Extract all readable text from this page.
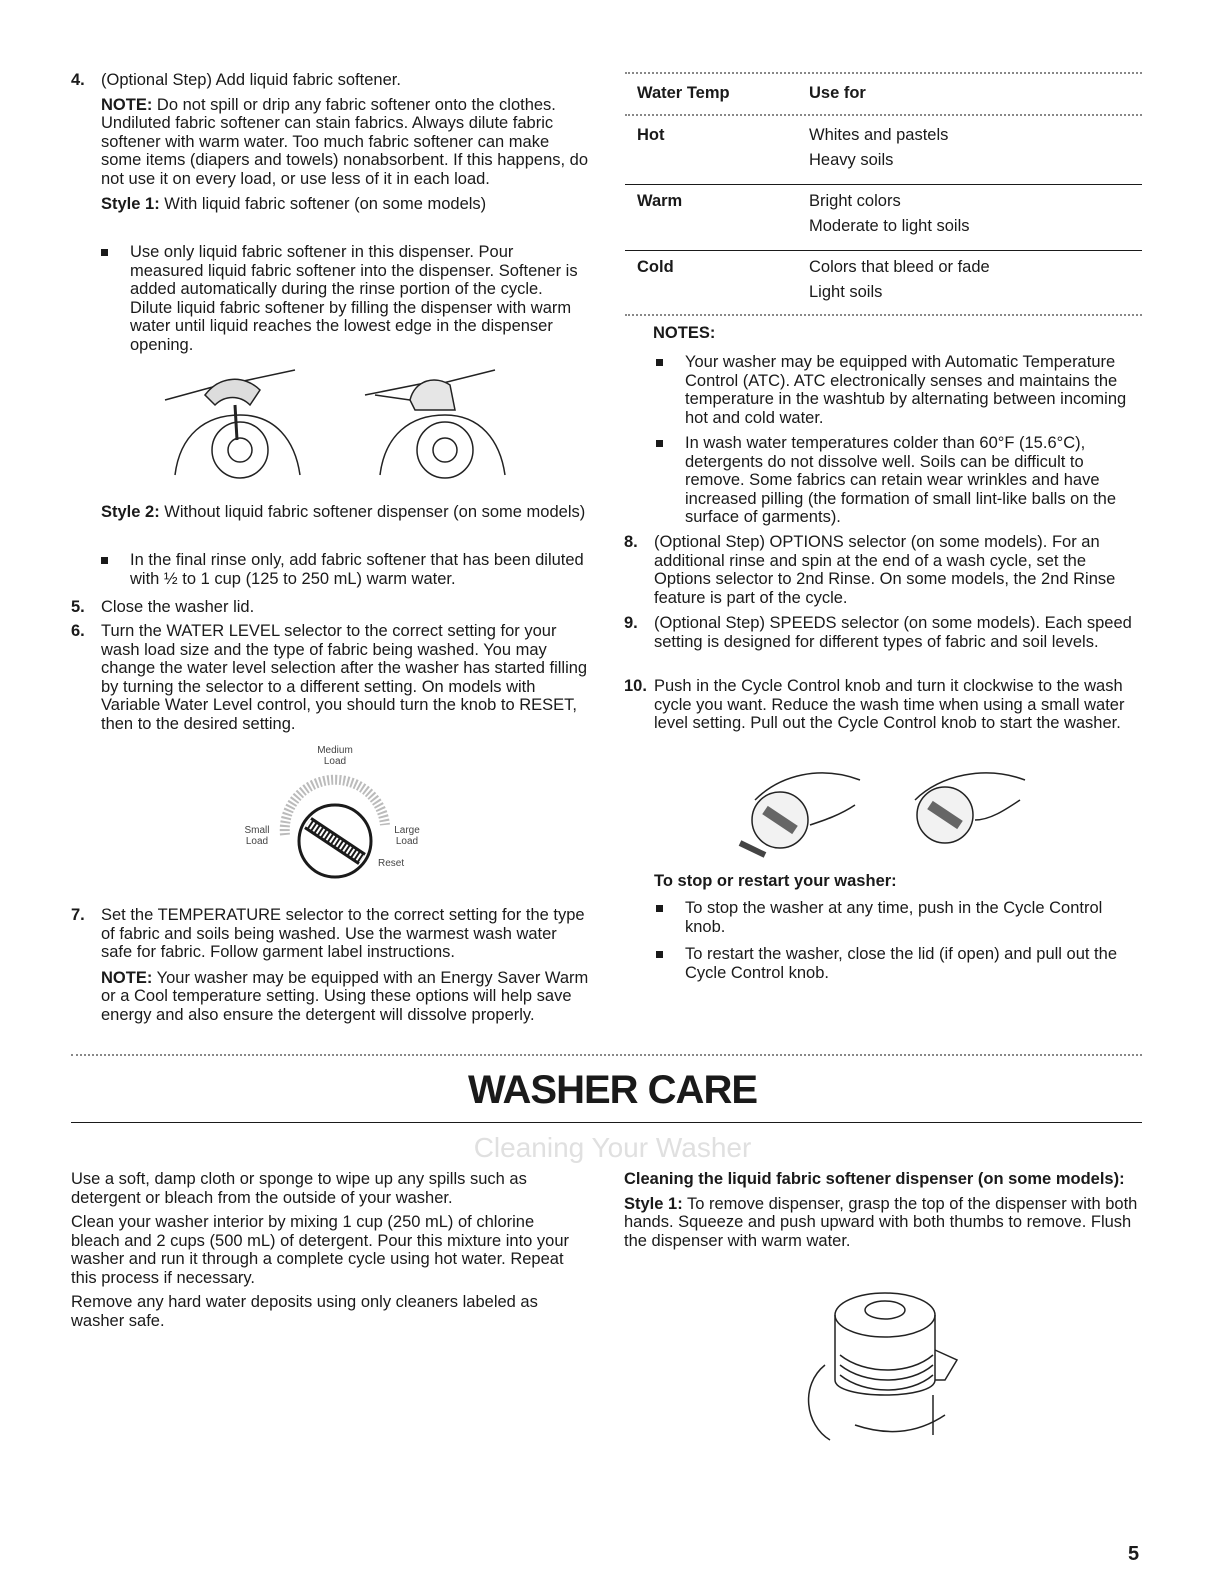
4. (Optional Step) Add liquid fabric softener.

NOTE: Do not spill or drip any fabric softener onto the clothes. Undiluted fabric softener can stain fabrics. Always dilute fabric softener with warm water. Too much fabric softener can make some items (diapers and towels) nonabsorbent. If this happens, do not use it on every load, or use less of it in each load.

Style 1: With liquid fabric softener (on some models)

Use only liquid fabric softener in this dispenser. Pour measured liquid fabric softener into the dispenser. Softener is added automatically during the rinse portion of the cycle. Dilute liquid fabric softener by filling the dispenser with warm water until liquid reaches the lowest edge in the dispenser opening.

Style 2: Without liquid fabric softener dispenser (on some models)

In the final rinse only, add fabric softener that has been diluted with ½ to 1 cup (125 to 250 mL) warm water.

5. Close the washer lid.

6. Turn the WATER LEVEL selector to the correct setting for your wash load size and the type of fabric being washed. You may change the water level selection after the washer has started filling by turning the selector to a different setting. On models with Variable Water Level control, you should turn the knob to RESET, then to the desired setting.

Medium
Load
Small
Load
Large
Load
Reset
7. Set the TEMPERATURE selector to the correct setting for the type of fabric and soils being washed. Use the warmest wash water safe for fabric. Follow garment label instructions.

NOTE: Your washer may be equipped with an Energy Saver Warm or a Cool temperature setting. Using these options will help save energy and also ensure the detergent will dissolve properly.

Water Temp	Use for
Hot	Whites and pastels
Heavy soils
Warm	Bright colors
Moderate to light soils
Cold	Colors that bleed or fade
Light soils
NOTES:

Your washer may be equipped with Automatic Temperature Control (ATC). ATC electronically senses and maintains the temperature in the washtub by alternating between incoming hot and cold water.

In wash water temperatures colder than 60°F (15.6°C), detergents do not dissolve well. Soils can be difficult to remove. Some fabrics can retain wear wrinkles and have increased pilling (the formation of small lint-like balls on the surface of garments).

8. (Optional Step) OPTIONS selector (on some models). For an additional rinse and spin at the end of a wash cycle, set the Options selector to 2nd Rinse. On some models, the 2nd Rinse feature is part of the cycle.

9. (Optional Step) SPEEDS selector (on some models). Each speed setting is designed for different types of fabric and soil levels.

10. Push in the Cycle Control knob and turn it clockwise to the wash cycle you want. Reduce the wash time when using a small water level setting. Pull out the Cycle Control knob to start the washer.

To stop or restart your washer:

To stop the washer at any time, push in the Cycle Control knob.

To restart the washer, close the lid (if open) and pull out the Cycle Control knob.

WASHER CARE
Cleaning Your Washer

Use a soft, damp cloth or sponge to wipe up any spills such as detergent or bleach from the outside of your washer.

Clean your washer interior by mixing 1 cup (250 mL) of chlorine bleach and 2 cups (500 mL) of detergent. Pour this mixture into your washer and run it through a complete cycle using hot water. Repeat this process if necessary.

Remove any hard water deposits using only cleaners labeled as washer safe.

Cleaning the liquid fabric softener dispenser (on some models):

Style 1: To remove dispenser, grasp the top of the dispenser with both hands. Squeeze and push upward with both thumbs to remove. Flush the dispenser with warm water.

5
